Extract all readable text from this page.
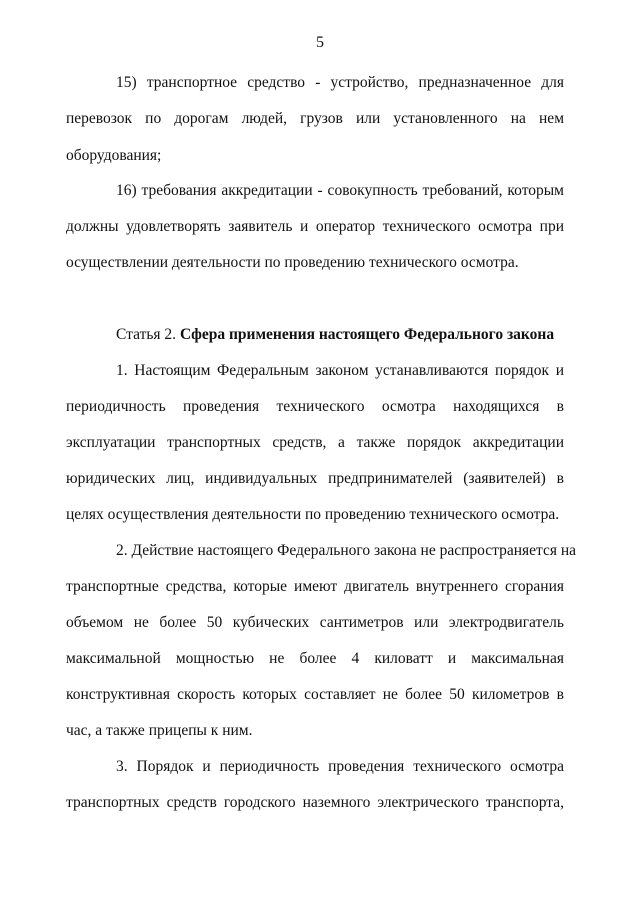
5
15) транспортное средство - устройство, предназначенное для
перевозок по дорогам людей, грузов или установленного на нем
оборудования;
16) требования аккредитации - совокупность требований, которым
должны удовлетворять заявитель и оператор технического осмотра при
осуществлении деятельности по проведению технического осмотра.
Статья 2. Сфера применения настоящего Федерального закона
1. Настоящим Федеральным законом устанавливаются порядок и
периодичность проведения технического осмотра находящихся в
эксплуатации транспортных средств, а также порядок аккредитации
юридических лиц, индивидуальных предпринимателей (заявителей) в
целях осуществления деятельности по проведению технического осмотра.
2. Действие настоящего Федерального закона не распространяется на
транспортные средства, которые имеют двигатель внутреннего сгорания
объемом не более 50 кубических сантиметров или электродвигатель
максимальной мощностью не более 4 киловатт и максимальная
конструктивная скорость которых составляет не более 50 километров в
час, а также прицепы к ним.
3. Порядок и периодичность проведения технического осмотра
транспортных средств городского наземного электрического транспорта,
